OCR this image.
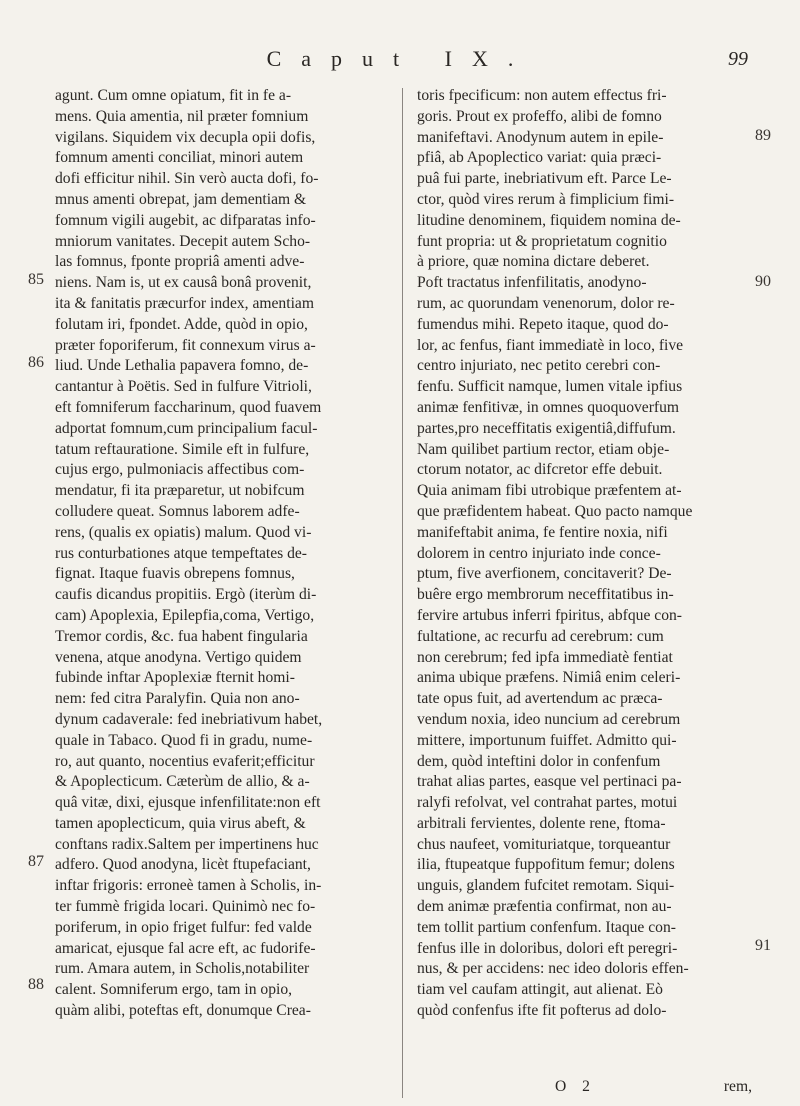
Caput IX.	99
agunt. Cum omne opiatum, fit in fe a-
mens. Quia amentia, nil præter fomnium
vigilans. Siquidem vix decupla opii dofis,
fomnum amenti conciliat, minori autem
dofi efficitur nihil. Sin verò aucta dofi, fo-
mnus amenti obrepat, jam dementiam &
fomnum vigili augebit, ac difparatas info-
mniorum vanitates. Decepit autem Scho-
las fomnus, fponte propriâ amenti adve-
niens. Nam is, ut ex causâ bonâ provenit,
ita & fanitatis præcurfor index, amentiam
folutam iri, fpondet. Adde, quòd in opio,
præter foporiferum, fit connexum virus a-
liud. Unde Lethalia papavera fomno, de-
cantantur à Poëtis. Sed in fulfure Vitrioli,
eft fomniferum faccharinum, quod fuavem
adportat fomnum,cum principalium facul-
tatum reftauratione. Simile eft in fulfure,
cujus ergo, pulmoniacis affectibus com-
mendatur, fi ita præparetur, ut nobifcum
colludere queat. Somnus laborem adfe-
rens, (qualis ex opiatis) malum. Quod vi-
rus conturbationes atque tempeftates de-
fignat. Itaque fuavis obrepens fomnus,
caufis dicandus propitiis. Ergò (iterùm di-
cam) Apoplexia, Epilepfia,coma, Vertigo,
Tremor cordis, &c. fua habent fingularia
venena, atque anodyna. Vertigo quidem
fubinde inftar Apoplexiæ fternit homi-
nem: fed citra Paralyfin. Quia non ano-
dynum cadaverale: fed inebriativum habet,
quale in Tabaco. Quod fi in gradu, nume-
ro, aut quanto, nocentius evaferit;efficitur
& Apoplecticum. Cæterùm de allio, & a-
quâ vitæ, dixi, ejusque infenfilitate:non eft
tamen apoplecticum, quia virus abeft, &
conftans radix.Saltem per impertinens huc
adfero. Quod anodyna, licèt ftupefaciant,
inftar frigoris: erroneè tamen à Scholis, in-
ter fummè frigida locari. Quinimò nec fo-
poriferum, in opio friget fulfur: fed valde
amaricat, ejusque fal acre eft, ac fudorife-
rum. Amara autem, in Scholis,notabiliter
calent. Somniferum ergo, tam in opio,
quàm alibi, poteftas eft, donumque Crea-
toris fpecificum: non autem effectus fri-
goris. Prout ex profeffo, alibi de fomno
manifeftavi. Anodynum autem in epile-
pfiâ, ab Apoplectico variat: quia præci-
puâ fui parte, inebriativum eft. Parce Le-
ctor, quòd vires rerum à fimplicium fimi-
litudine denominem, fiquidem nomina de-
funt propria: ut & proprietatum cognitio
à priore, quæ nomina dictare deberet.
Poft tractatus infenfilitatis, anodyno-
rum, ac quorundam venenorum, dolor re-
fumendus mihi. Repeto itaque, quod do-
lor, ac fenfus, fiant immediatè in loco, five
centro injuriato, nec petito cerebri con-
fenfu. Sufficit namque, lumen vitale ipfius
animæ fenfitivæ, in omnes quoquoverfum
partes,pro neceffitatis exigentiâ,diffufum.
Nam quilibet partium rector, etiam obje-
ctorum notator, ac difcretor effe debuit.
Quia animam fibi utrobique præfentem at-
que præfidentem habeat. Quo pacto namque
manifeftabit anima, fe fentire noxia, nifi
dolorem in centro injuriato inde conce-
ptum, five averfionem, concitaverit? De-
buêre ergo membrorum neceffitatibus in-
fervire artubus inferri fpiritus, abfque con-
fultatione, ac recurfu ad cerebrum: cum
non cerebrum; fed ipfa immediatè fentiat
anima ubique præfens. Nimiâ enim celeri-
tate opus fuit, ad avertendum ac præca-
vendum noxia, ideo nuncium ad cerebrum
mittere, importunum fuiffet. Admitto qui-
dem, quòd inteftini dolor in confenfum
trahat alias partes, easque vel pertinaci pa-
ralyfi refolvat, vel contrahat partes, motui
arbitrali fervientes, dolente rene, ftoma-
chus naufeet, vomituriatque, torqueantur
ilia, ftupeatque fuppofitum femur; dolens
unguis, glandem fufcitet remotam. Siqui-
dem animæ præfentia confirmat, non au-
tem tollit partium confenfum. Itaque con-
fenfus ille in doloribus, dolori eft peregri-
nus, & per accidens: nec ideo doloris effen-
tiam vel caufam attingit, aut alienat. Eò
quòd confenfus ifte fit pofterus ad dolo-
85
86
87
88
89
90
91
O 2	rem,
